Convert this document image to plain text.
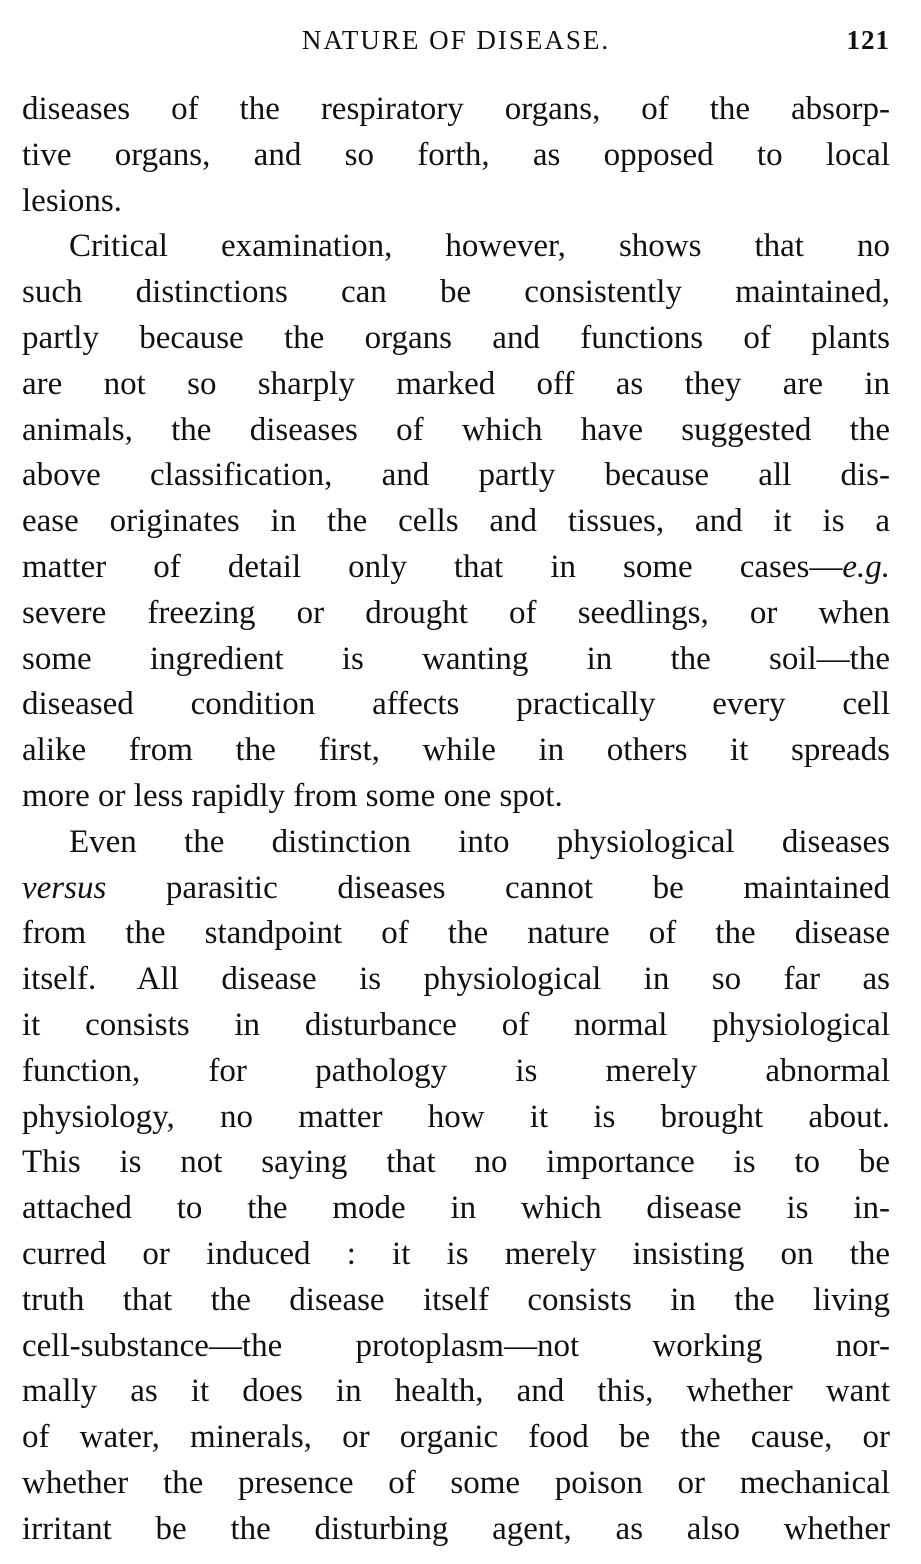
NATURE OF DISEASE.	121
diseases of the respiratory organs, of the absorp-
tive organs, and so forth, as opposed to local
lesions.
Critical examination, however, shows that no
such distinctions can be consistently maintained,
partly because the organs and functions of plants
are not so sharply marked off as they are in
animals, the diseases of which have suggested the
above classification, and partly because all dis-
ease originates in the cells and tissues, and it is a
matter of detail only that in some cases—e.g.
severe freezing or drought of seedlings, or when
some ingredient is wanting in the soil—the
diseased condition affects practically every cell
alike from the first, while in others it spreads
more or less rapidly from some one spot.
Even the distinction into physiological diseases
versus parasitic diseases cannot be maintained
from the standpoint of the nature of the disease
itself. All disease is physiological in so far as
it consists in disturbance of normal physiological
function, for pathology is merely abnormal
physiology, no matter how it is brought about.
This is not saying that no importance is to be
attached to the mode in which disease is in-
curred or induced : it is merely insisting on the
truth that the disease itself consists in the living
cell-substance—the protoplasm—not working nor-
mally as it does in health, and this, whether want
of water, minerals, or organic food be the cause, or
whether the presence of some poison or mechanical
irritant be the disturbing agent, as also whether
